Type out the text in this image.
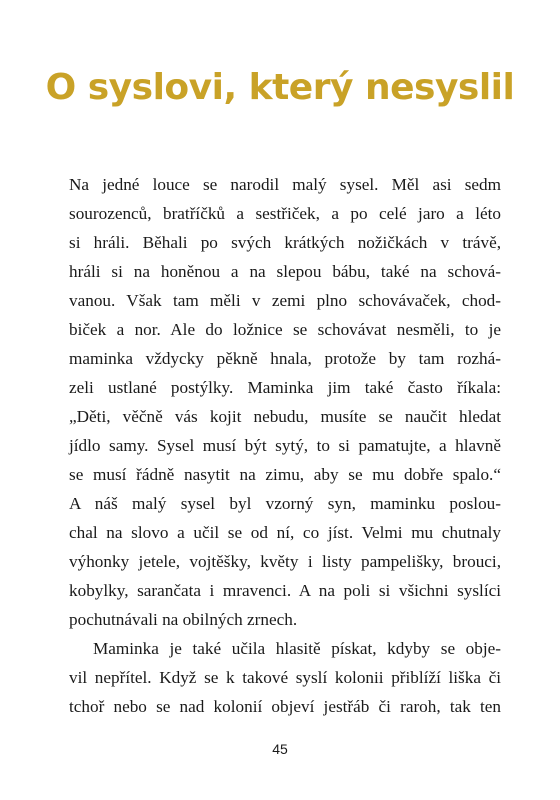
O syslovi, který nesyslil
Na jedné louce se narodil malý sysel. Měl asi sedm
sourozenců, bratříčků a sestřiček, a po celé jaro a léto
si hráli. Běhali po svých krátkých nožičkách v trávě,
hráli si na honěnou a na slepou bábu, také na schová-
vanou. Však tam měli v zemi plno schovávaček, chod-
biček a nor. Ale do ložnice se schovávat nesměli, to je
maminka vždycky pěkně hnala, protože by tam rozhá-
zeli ustlané postýlky. Maminka jim také často říkala:
„Děti, věčně vás kojit nebudu, musíte se naučit hledat
jídlo samy. Sysel musí být sytý, to si pamatujte, a hlavně
se musí řádně nasytit na zimu, aby se mu dobře spalo.“
A náš malý sysel byl vzorný syn, maminku poslou-
chal na slovo a učil se od ní, co jíst. Velmi mu chutnaly
výhonky jetele, vojtěšky, květy i listy pampelišky, brouci,
kobylky, sarančata i mravenci. A na poli si všichni syslíci
pochutnávali na obilných zrnech.
Maminka je také učila hlasitě pískat, kdyby se obje-
vil nepřítel. Když se k takové syslí kolonii přiblíží liška či
tchoř nebo se nad kolonií objeví jestřáb či raroh, tak ten
45
